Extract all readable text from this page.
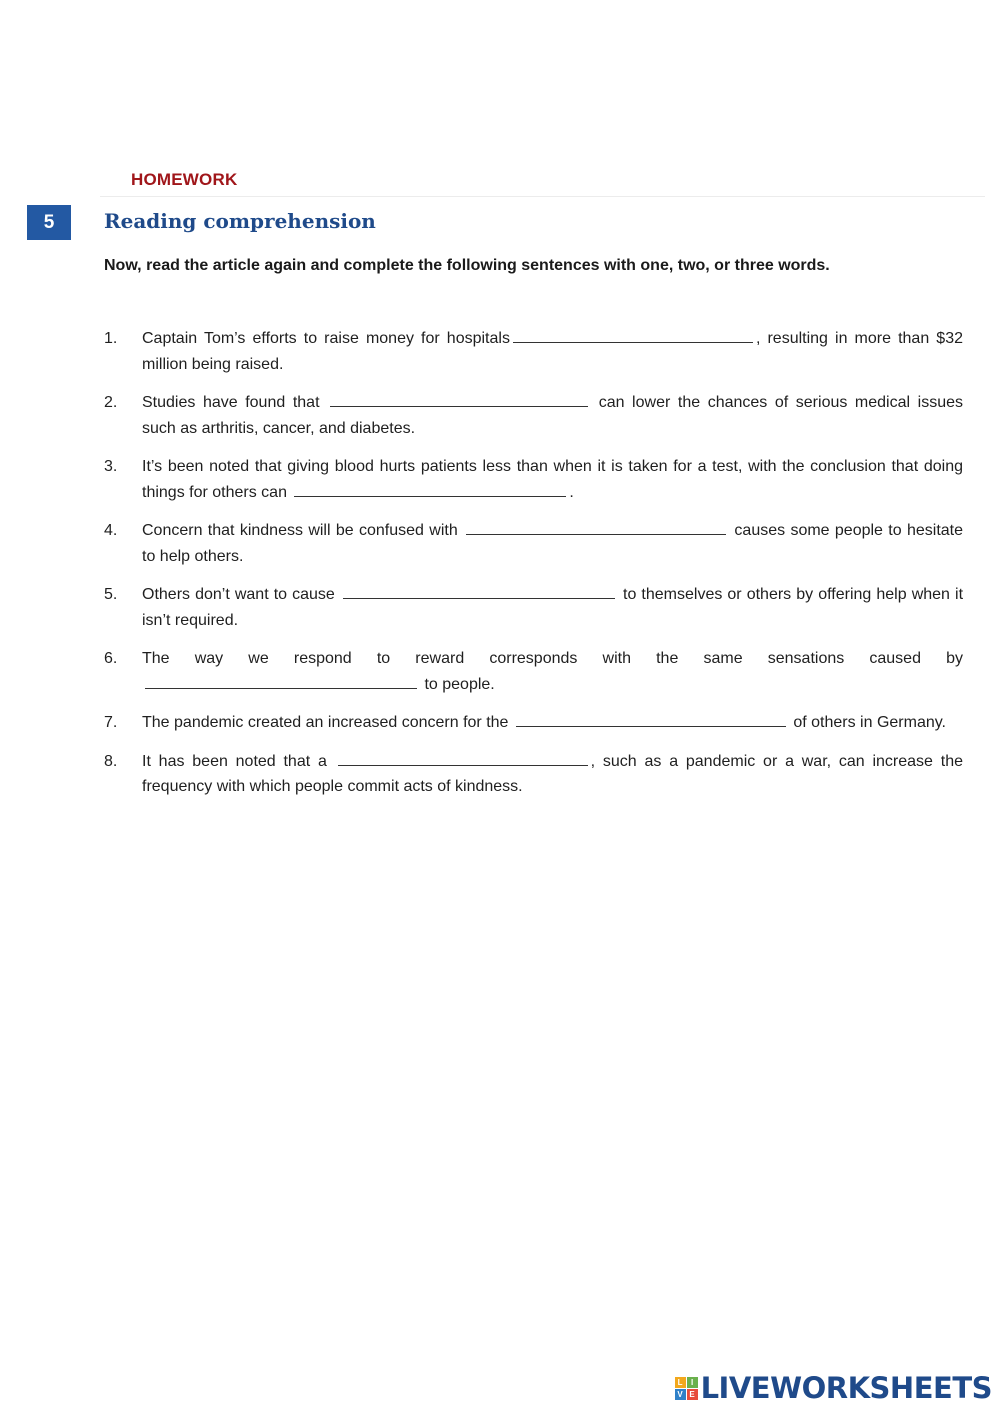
HOMEWORK
5	Reading comprehension
Now, read the article again and complete the following sentences with one, two, or three words.
1.	Captain Tom’s efforts to raise money for hospitals	, resulting in more than $32 million being raised.
2.	Studies have found that	can lower the chances of serious medical issues such as arthritis, cancer, and diabetes.
3.	It’s been noted that giving blood hurts patients less than when it is taken for a test, with the conclusion that doing things for others can	.
4.	Concern that kindness will be confused with	causes some people to hesitate to help others.
5.	Others don’t want to cause	to themselves or others by offering help when it isn’t required.
6.	The way we respond to reward corresponds with the same sensations caused by  to people.
7.	The pandemic created an increased concern for the	of others in Germany.
8.	It has been noted that a	, such as a pandemic or a war, can increase the frequency with which people commit acts of kindness.
L	I
V E LIVEWORKSHEETS
